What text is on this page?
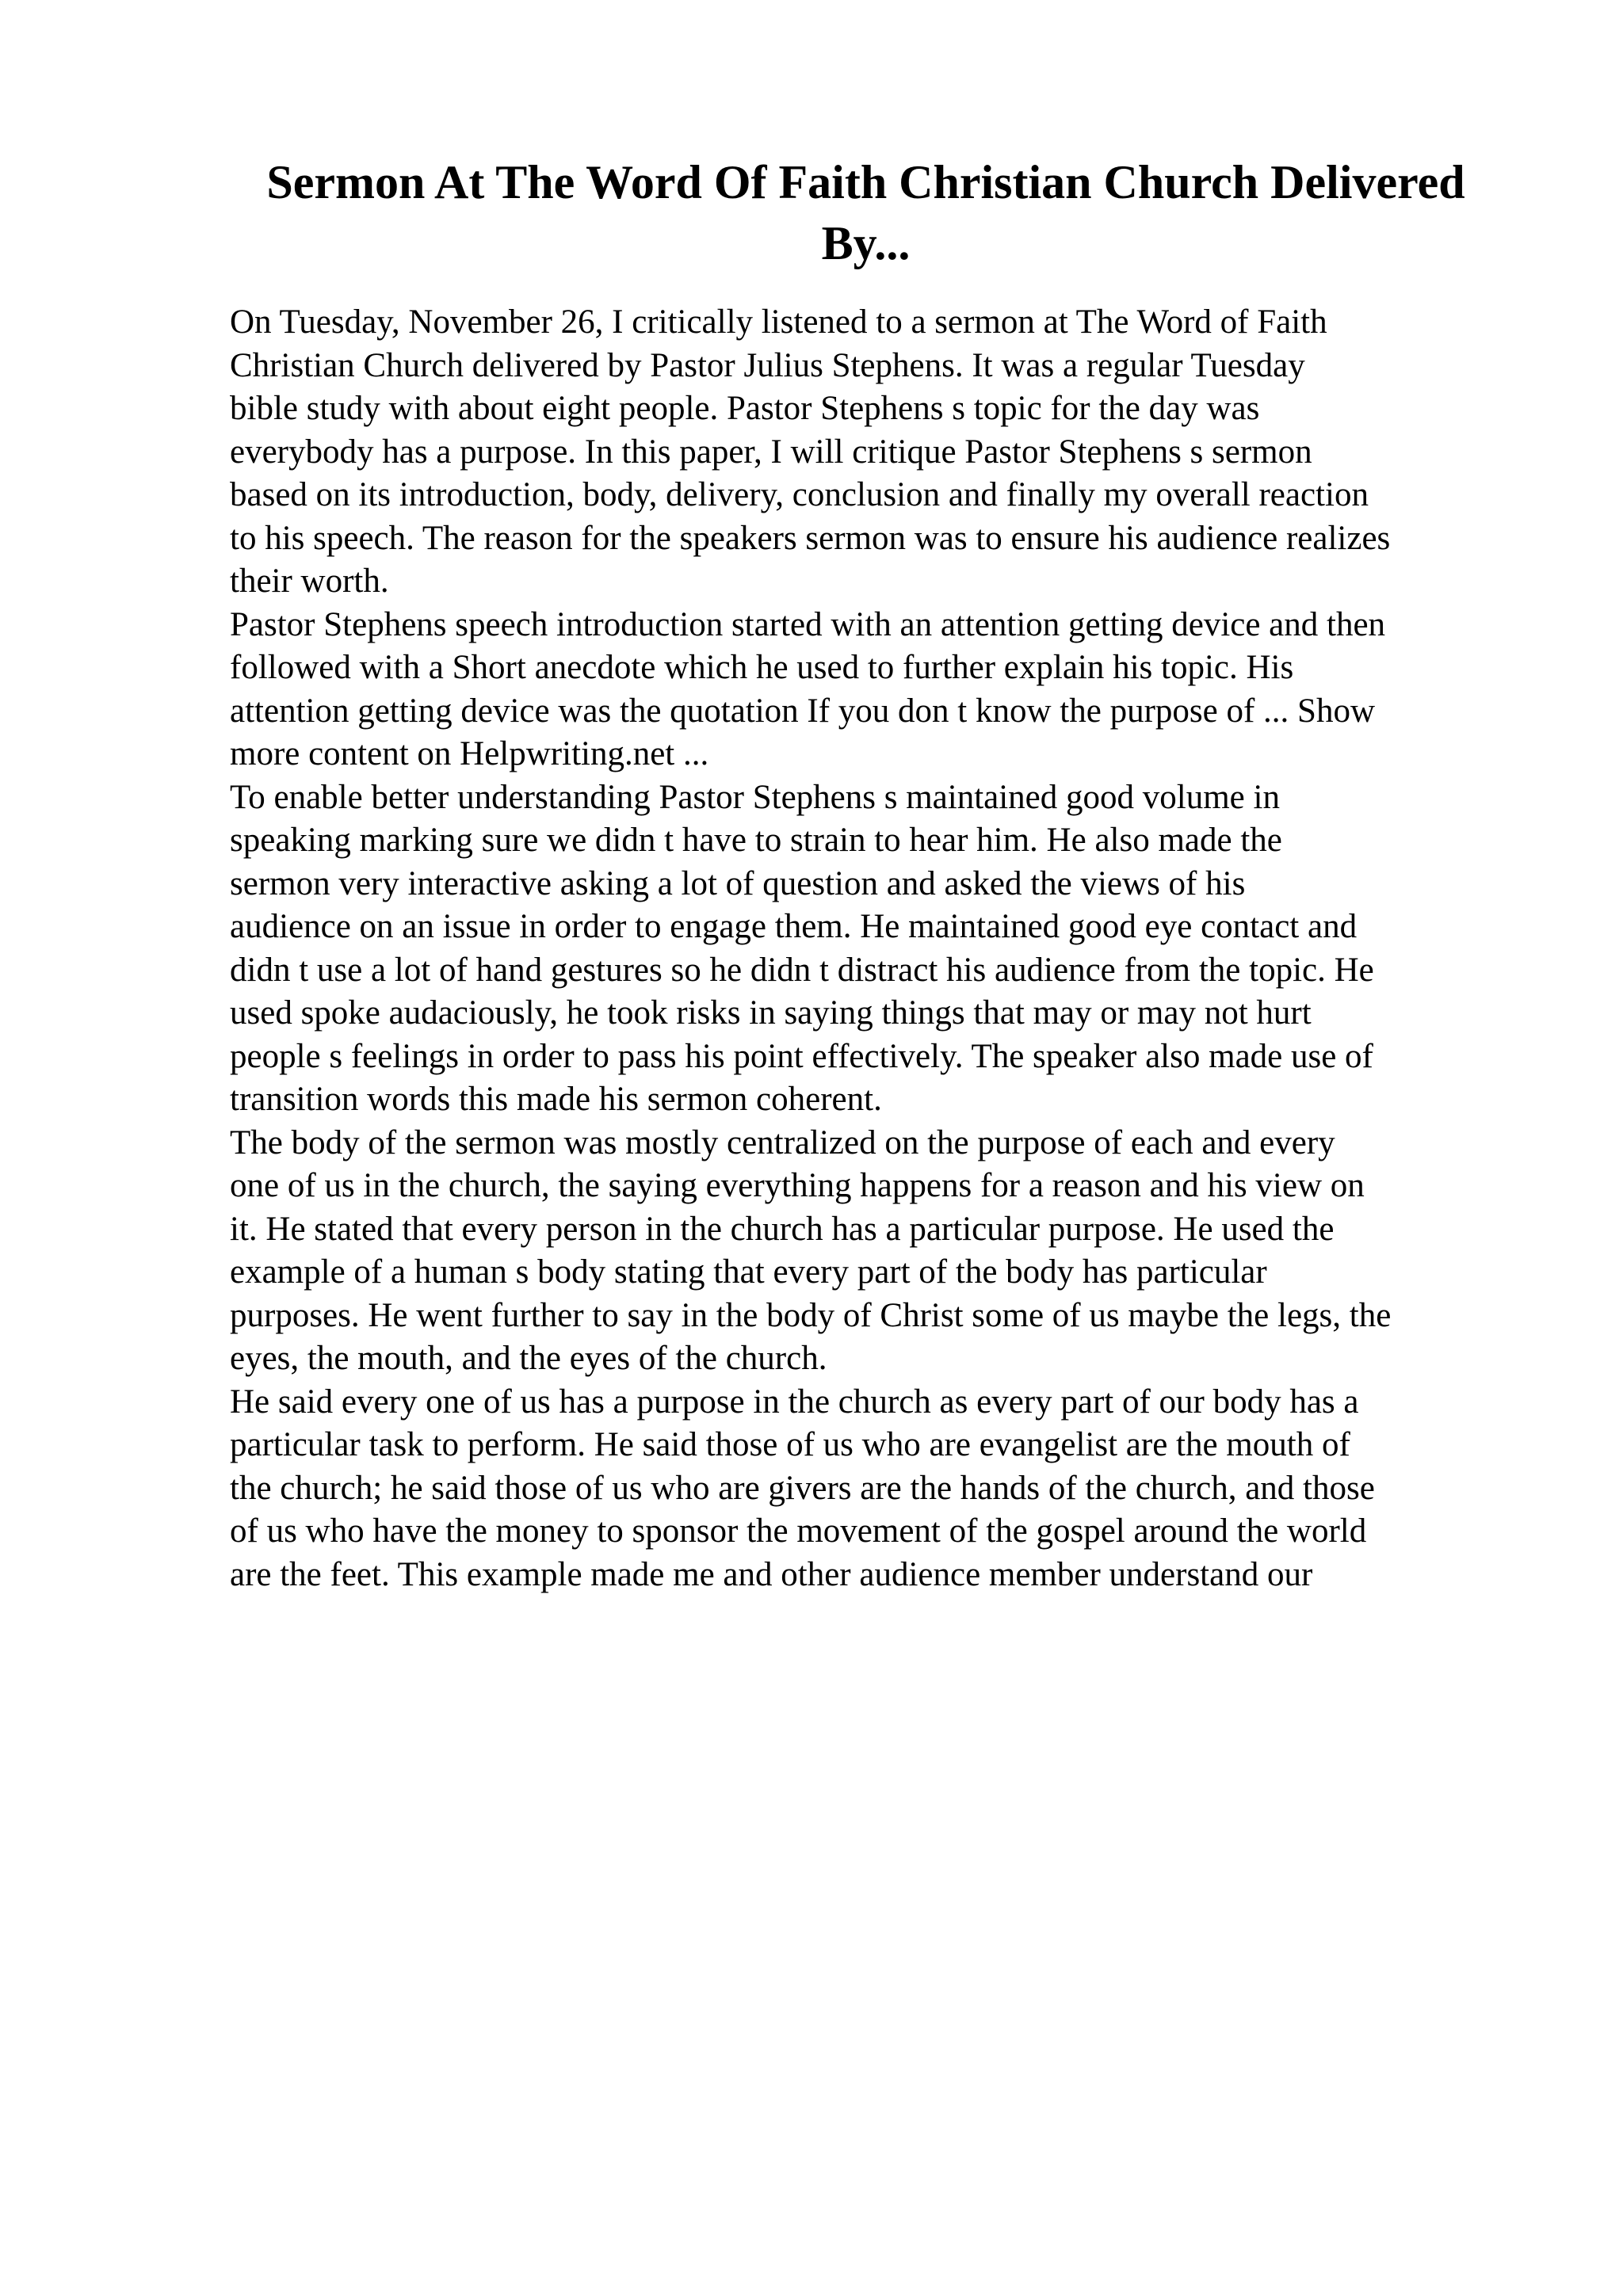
Sermon At The Word Of Faith Christian Church Delivered
By...
On Tuesday, November 26, I critically listened to a sermon at The Word of Faith
Christian Church delivered by Pastor Julius Stephens. It was a regular Tuesday
bible study with about eight people. Pastor Stephens s topic for the day was
everybody has a purpose. In this paper, I will critique Pastor Stephens s sermon
based on its introduction, body, delivery, conclusion and finally my overall reaction
to his speech. The reason for the speakers sermon was to ensure his audience realizes
their worth.
Pastor Stephens speech introduction started with an attention getting device and then
followed with a Short anecdote which he used to further explain his topic. His
attention getting device was the quotation If you don t know the purpose of ... Show
more content on Helpwriting.net ...
To enable better understanding Pastor Stephens s maintained good volume in
speaking marking sure we didn t have to strain to hear him. He also made the
sermon very interactive asking a lot of question and asked the views of his
audience on an issue in order to engage them. He maintained good eye contact and
didn t use a lot of hand gestures so he didn t distract his audience from the topic. He
used spoke audaciously, he took risks in saying things that may or may not hurt
people s feelings in order to pass his point effectively. The speaker also made use of
transition words this made his sermon coherent.
The body of the sermon was mostly centralized on the purpose of each and every
one of us in the church, the saying everything happens for a reason and his view on
it. He stated that every person in the church has a particular purpose. He used the
example of a human s body stating that every part of the body has particular
purposes. He went further to say in the body of Christ some of us maybe the legs, the
eyes, the mouth, and the eyes of the church.
He said every one of us has a purpose in the church as every part of our body has a
particular task to perform. He said those of us who are evangelist are the mouth of
the church; he said those of us who are givers are the hands of the church, and those
of us who have the money to sponsor the movement of the gospel around the world
are the feet. This example made me and other audience member understand our
